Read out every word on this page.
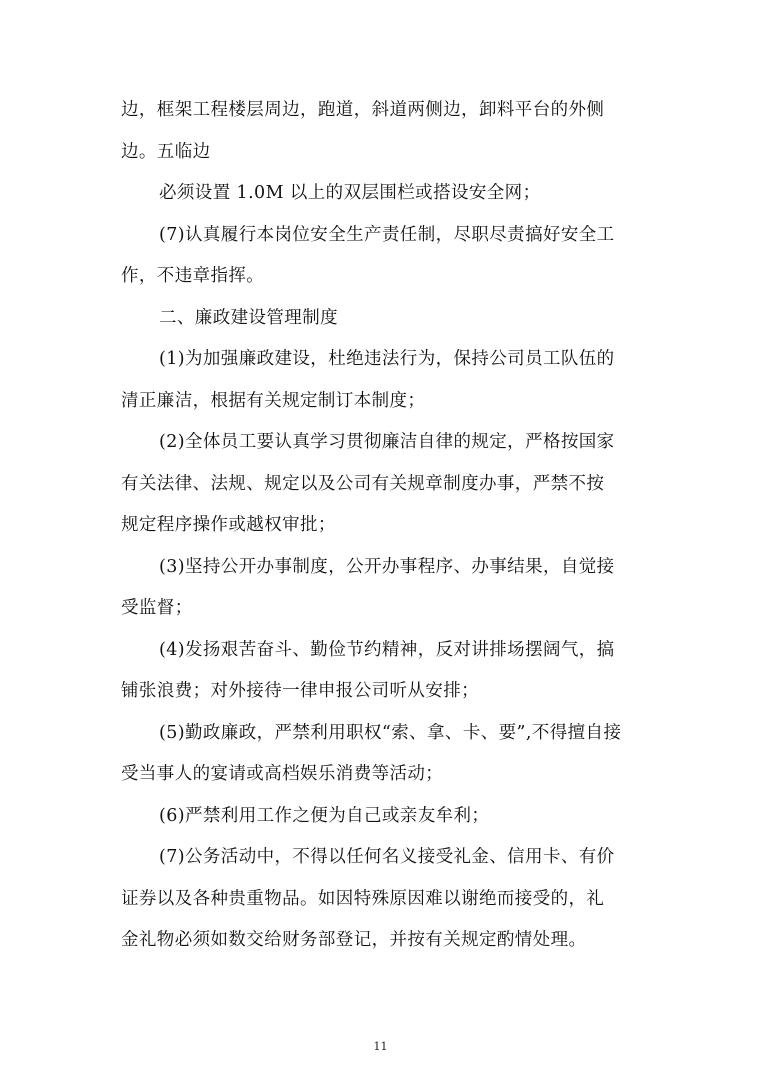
边，框架工程楼层周边，跑道，斜道两侧边，卸料平台的外侧
边。五临边
必须设置 1.0M 以上的双层围栏或搭设安全网；
(7)认真履行本岗位安全生产责任制，尽职尽责搞好安全工
作，不违章指挥。
二、廉政建设管理制度
(1)为加强廉政建设，杜绝违法行为，保持公司员工队伍的
清正廉洁，根据有关规定制订本制度；
(2)全体员工要认真学习贯彻廉洁自律的规定，严格按国家
有关法律、法规、规定以及公司有关规章制度办事，严禁不按
规定程序操作或越权审批；
(3)坚持公开办事制度，公开办事程序、办事结果，自觉接
受监督；
(4)发扬艰苦奋斗、勤俭节约精神，反对讲排场摆阔气，搞
铺张浪费；对外接待一律申报公司听从安排；
(5)勤政廉政，严禁利用职权“索、拿、卡、要”,不得擅自接
受当事人的宴请或高档娱乐消费等活动；
(6)严禁利用工作之便为自己或亲友牟利；
(7)公务活动中，不得以任何名义接受礼金、信用卡、有价
证券以及各种贵重物品。如因特殊原因难以谢绝而接受的，礼
金礼物必须如数交给财务部登记，并按有关规定酌情处理。
11
